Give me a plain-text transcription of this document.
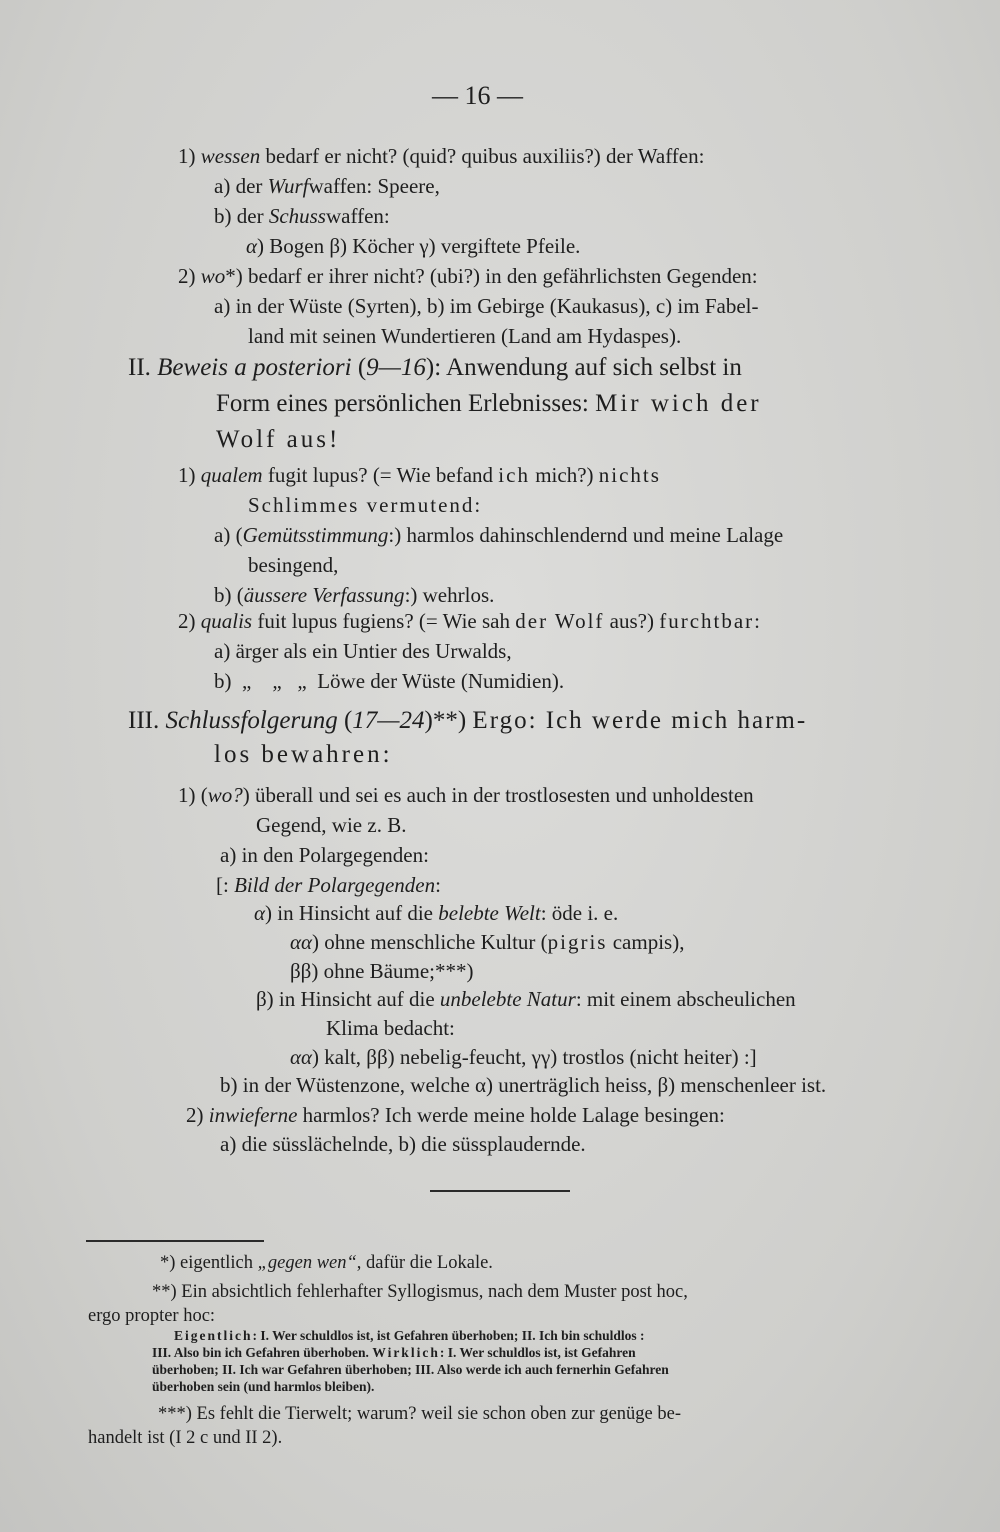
— 16 —
1) wessen bedarf er nicht? (quid? quibus auxiliis?) der Waffen:
a) der Wurfwaffen: Speere,
b) der Schusswaffen:
α) Bogen β) Köcher γ) vergiftete Pfeile.
2) wo*) bedarf er ihrer nicht? (ubi?) in den gefährlichsten Gegenden:
a) in der Wüste (Syrten), b) im Gebirge (Kaukasus), c) im Fabel-
land mit seinen Wundertieren (Land am Hydaspes).
II. Beweis a posteriori (9—16): Anwendung auf sich selbst in
Form eines persönlichen Erlebnisses: Mir wich der
Wolf aus!
1) qualem fugit lupus? (= Wie befand ich mich?) nichts
Schlimmes vermutend:
a) (Gemütsstimmung:) harmlos dahinschlendernd und meine Lalage
besingend,
b) (äussere Verfassung:) wehrlos.
2) qualis fuit lupus fugiens? (= Wie sah der Wolf aus?) furchtbar:
a) ärger als ein Untier des Urwalds,
b)  „    „   „  Löwe der Wüste (Numidien).
III. Schlussfolgerung (17—24)**) Ergo: Ich werde mich harm-
los bewahren:
1) (wo?) überall und sei es auch in der trostlosesten und unholdesten
Gegend, wie z. B.
a) in den Polargegenden:
[: Bild der Polargegenden:
α) in Hinsicht auf die belebte Welt: öde i. e.
αα) ohne menschliche Kultur (pigris campis),
ββ) ohne Bäume;***)
β) in Hinsicht auf die unbelebte Natur: mit einem abscheulichen
Klima bedacht:
αα) kalt, ββ) nebelig-feucht, γγ) trostlos (nicht heiter) :]
b) in der Wüstenzone, welche α) unerträglich heiss, β) menschenleer ist.
2) inwieferne harmlos? Ich werde meine holde Lalage besingen:
a) die süsslächelnde, b) die süssplaudernde.
*) eigentlich „gegen wen“, dafür die Lokale.
**) Ein absichtlich fehlerhafter Syllogismus, nach dem Muster post hoc,
ergo propter hoc:
Eigentlich: I. Wer schuldlos ist, ist Gefahren überhoben; II. Ich bin schuldlos :
III. Also bin ich Gefahren überhoben. Wirklich: I. Wer schuldlos ist, ist Gefahren
überhoben; II. Ich war Gefahren überhoben; III. Also werde ich auch fernerhin Gefahren
überhoben sein (und harmlos bleiben).
***) Es fehlt die Tierwelt; warum? weil sie schon oben zur genüge be-
handelt ist (I 2 c und II 2).
